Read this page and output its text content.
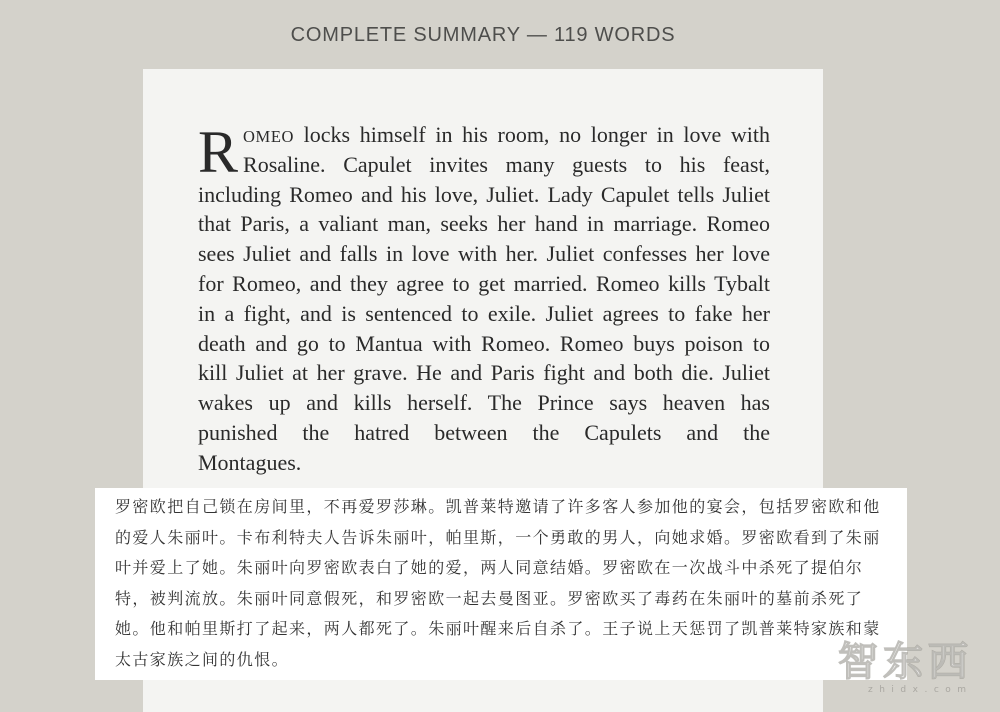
COMPLETE SUMMARY — 119 WORDS
R OMEO locks himself in his room, no longer in love with
Rosaline. Capulet invites many guests to his feast,
including Romeo and his love, Juliet. Lady Capulet tells Juliet
that Paris, a valiant man, seeks her hand in marriage. Romeo
sees Juliet and falls in love with her. Juliet confesses her love
for Romeo, and they agree to get married. Romeo kills Tybalt
in a fight, and is sentenced to exile. Juliet agrees to fake her
death and go to Mantua with Romeo. Romeo buys poison to
kill Juliet at her grave. He and Paris fight and both die. Juliet
wakes up and kills herself. The Prince says heaven has
punished the hatred between the Capulets and the
Montagues.
罗密欧把自己锁在房间里，不再爱罗莎琳。凯普莱特邀请了许多客人参加他的宴会，包括罗密欧和他
的爱人朱丽叶。卡布利特夫人告诉朱丽叶，帕里斯，一个勇敢的男人，向她求婚。罗密欧看到了朱丽
叶并爱上了她。朱丽叶向罗密欧表白了她的爱，两人同意结婚。罗密欧在一次战斗中杀死了提伯尔
特，被判流放。朱丽叶同意假死，和罗密欧一起去曼图亚。罗密欧买了毒药在朱丽叶的墓前杀死了
她。他和帕里斯打了起来，两人都死了。朱丽叶醒来后自杀了。王子说上天惩罚了凯普莱特家族和蒙
太古家族之间的仇恨。	智东西
zhidx.com
